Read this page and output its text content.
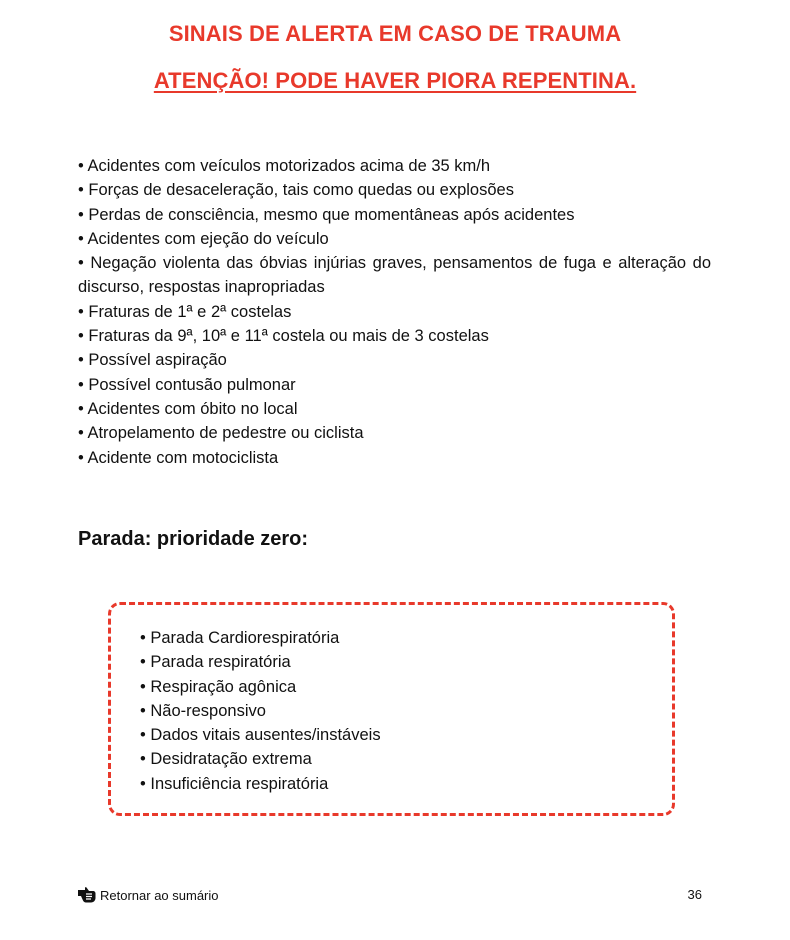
SINAIS DE ALERTA EM CASO DE TRAUMA
ATENÇÃO! PODE HAVER PIORA REPENTINA.
• Acidentes com veículos motorizados acima de 35 km/h
• Forças de desaceleração, tais como quedas ou explosões
• Perdas de consciência, mesmo que momentâneas após acidentes
• Acidentes com ejeção do veículo
• Negação violenta das óbvias injúrias graves, pensamentos de fuga e alteração do discurso, respostas inapropriadas
• Fraturas de 1ª e 2ª costelas
• Fraturas da 9ª, 10ª e 11ª costela ou mais de 3 costelas
• Possível aspiração
• Possível contusão pulmonar
• Acidentes com óbito no local
• Atropelamento de pedestre ou ciclista
• Acidente com motociclista
Parada: prioridade zero:
• Parada Cardiorespiratória
• Parada respiratória
• Respiração agônica
• Não-responsivo
• Dados vitais ausentes/instáveis
• Desidratação extrema
• Insuficiência respiratória
Retornar ao sumário	36
